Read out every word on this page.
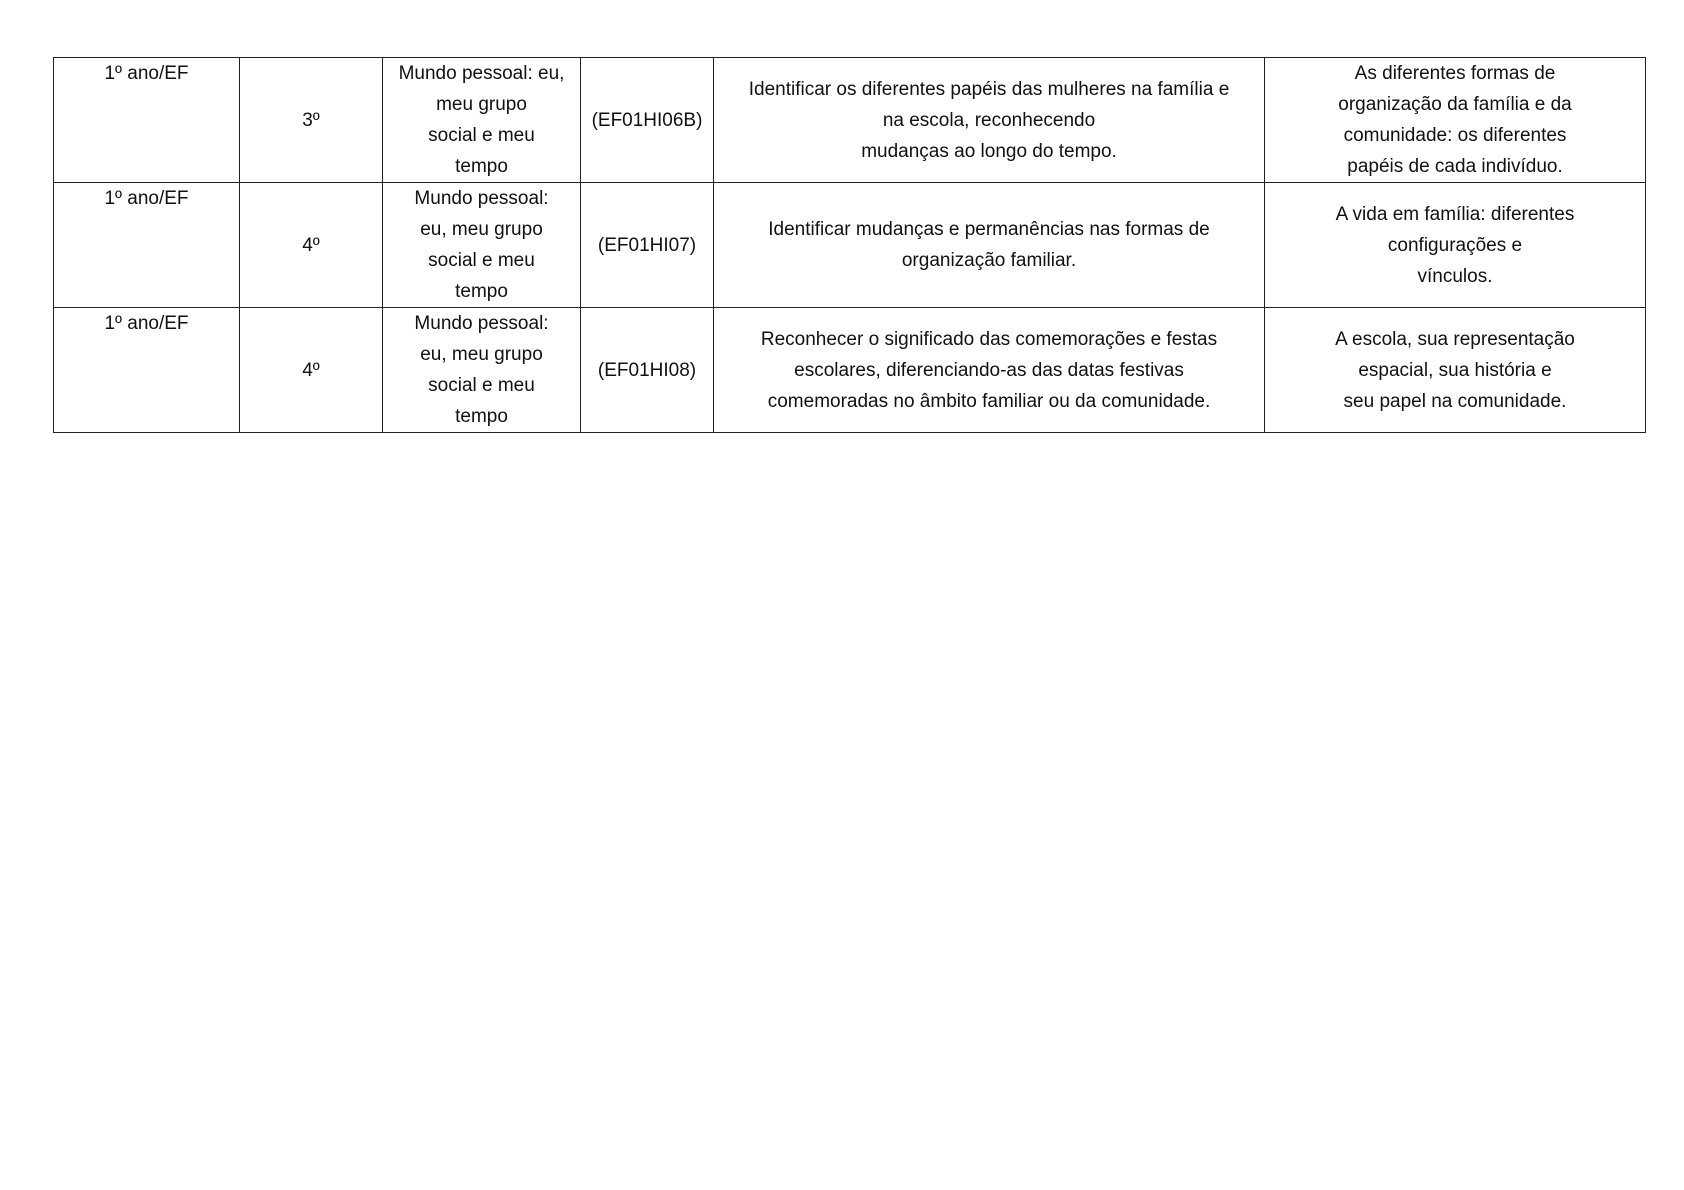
1º ano/EF	3º	Mundo pessoal: eu,
meu grupo
social e meu
tempo	(EF01HI06B)	Identificar os diferentes papéis das mulheres na família e
na escola, reconhecendo
mudanças ao longo do tempo.	As diferentes formas de
organização da família e da
comunidade: os diferentes
papéis de cada indivíduo.

1º ano/EF	4º	Mundo pessoal:
eu, meu grupo
social e meu
tempo	(EF01HI07)	Identificar mudanças e permanências nas formas de
organização familiar.	A vida em família: diferentes
configurações e
vínculos.

1º ano/EF	4º	Mundo pessoal:
eu, meu grupo
social e meu
tempo	(EF01HI08)	Reconhecer o significado das comemorações e festas
escolares, diferenciando-as das datas festivas
comemoradas no âmbito familiar ou da comunidade.	A escola, sua representação
espacial, sua história e
seu papel na comunidade.
